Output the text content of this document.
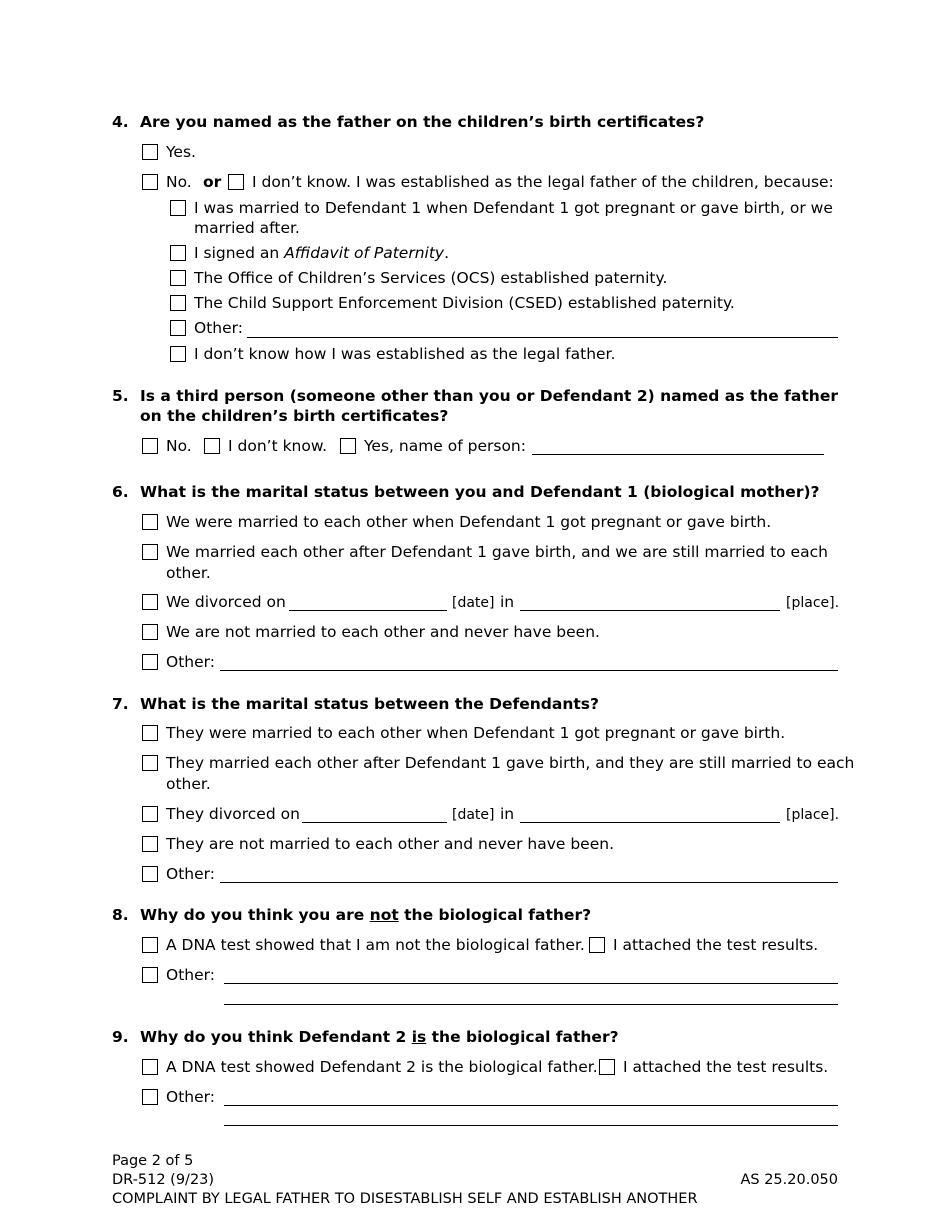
4. Are you named as the father on the children’s birth certificates?
Yes.
No. or I don’t know. I was established as the legal father of the children, because:
I was married to Defendant 1 when Defendant 1 got pregnant or gave birth, or we
married after.
I signed an Affidavit of Paternity.
The Office of Children’s Services (OCS) established paternity.
The Child Support Enforcement Division (CSED) established paternity.
Other:
I don’t know how I was established as the legal father.
5. Is a third person (someone other than you or Defendant 2) named as the father
on the children’s birth certificates?
No. I don’t know. Yes, name of person:
6. What is the marital status between you and Defendant 1 (biological mother)?
We were married to each other when Defendant 1 got pregnant or gave birth.
We married each other after Defendant 1 gave birth, and we are still married to each
other.
We divorced on	[date] in	[place].
We are not married to each other and never have been.
Other:
7. What is the marital status between the Defendants?
They were married to each other when Defendant 1 got pregnant or gave birth.
They married each other after Defendant 1 gave birth, and they are still married to each
other.
They divorced on	[date] in	[place].
They are not married to each other and never have been.
Other:
8. Why do you think you are not the biological father?
A DNA test showed that I am not the biological father. I attached the test results.
Other:
9. Why do you think Defendant 2 is the biological father?
A DNA test showed Defendant 2 is the biological father. I attached the test results.
Other:
Page 2 of 5
DR-512 (9/23)	AS 25.20.050
COMPLAINT BY LEGAL FATHER TO DISESTABLISH SELF AND ESTABLISH ANOTHER
